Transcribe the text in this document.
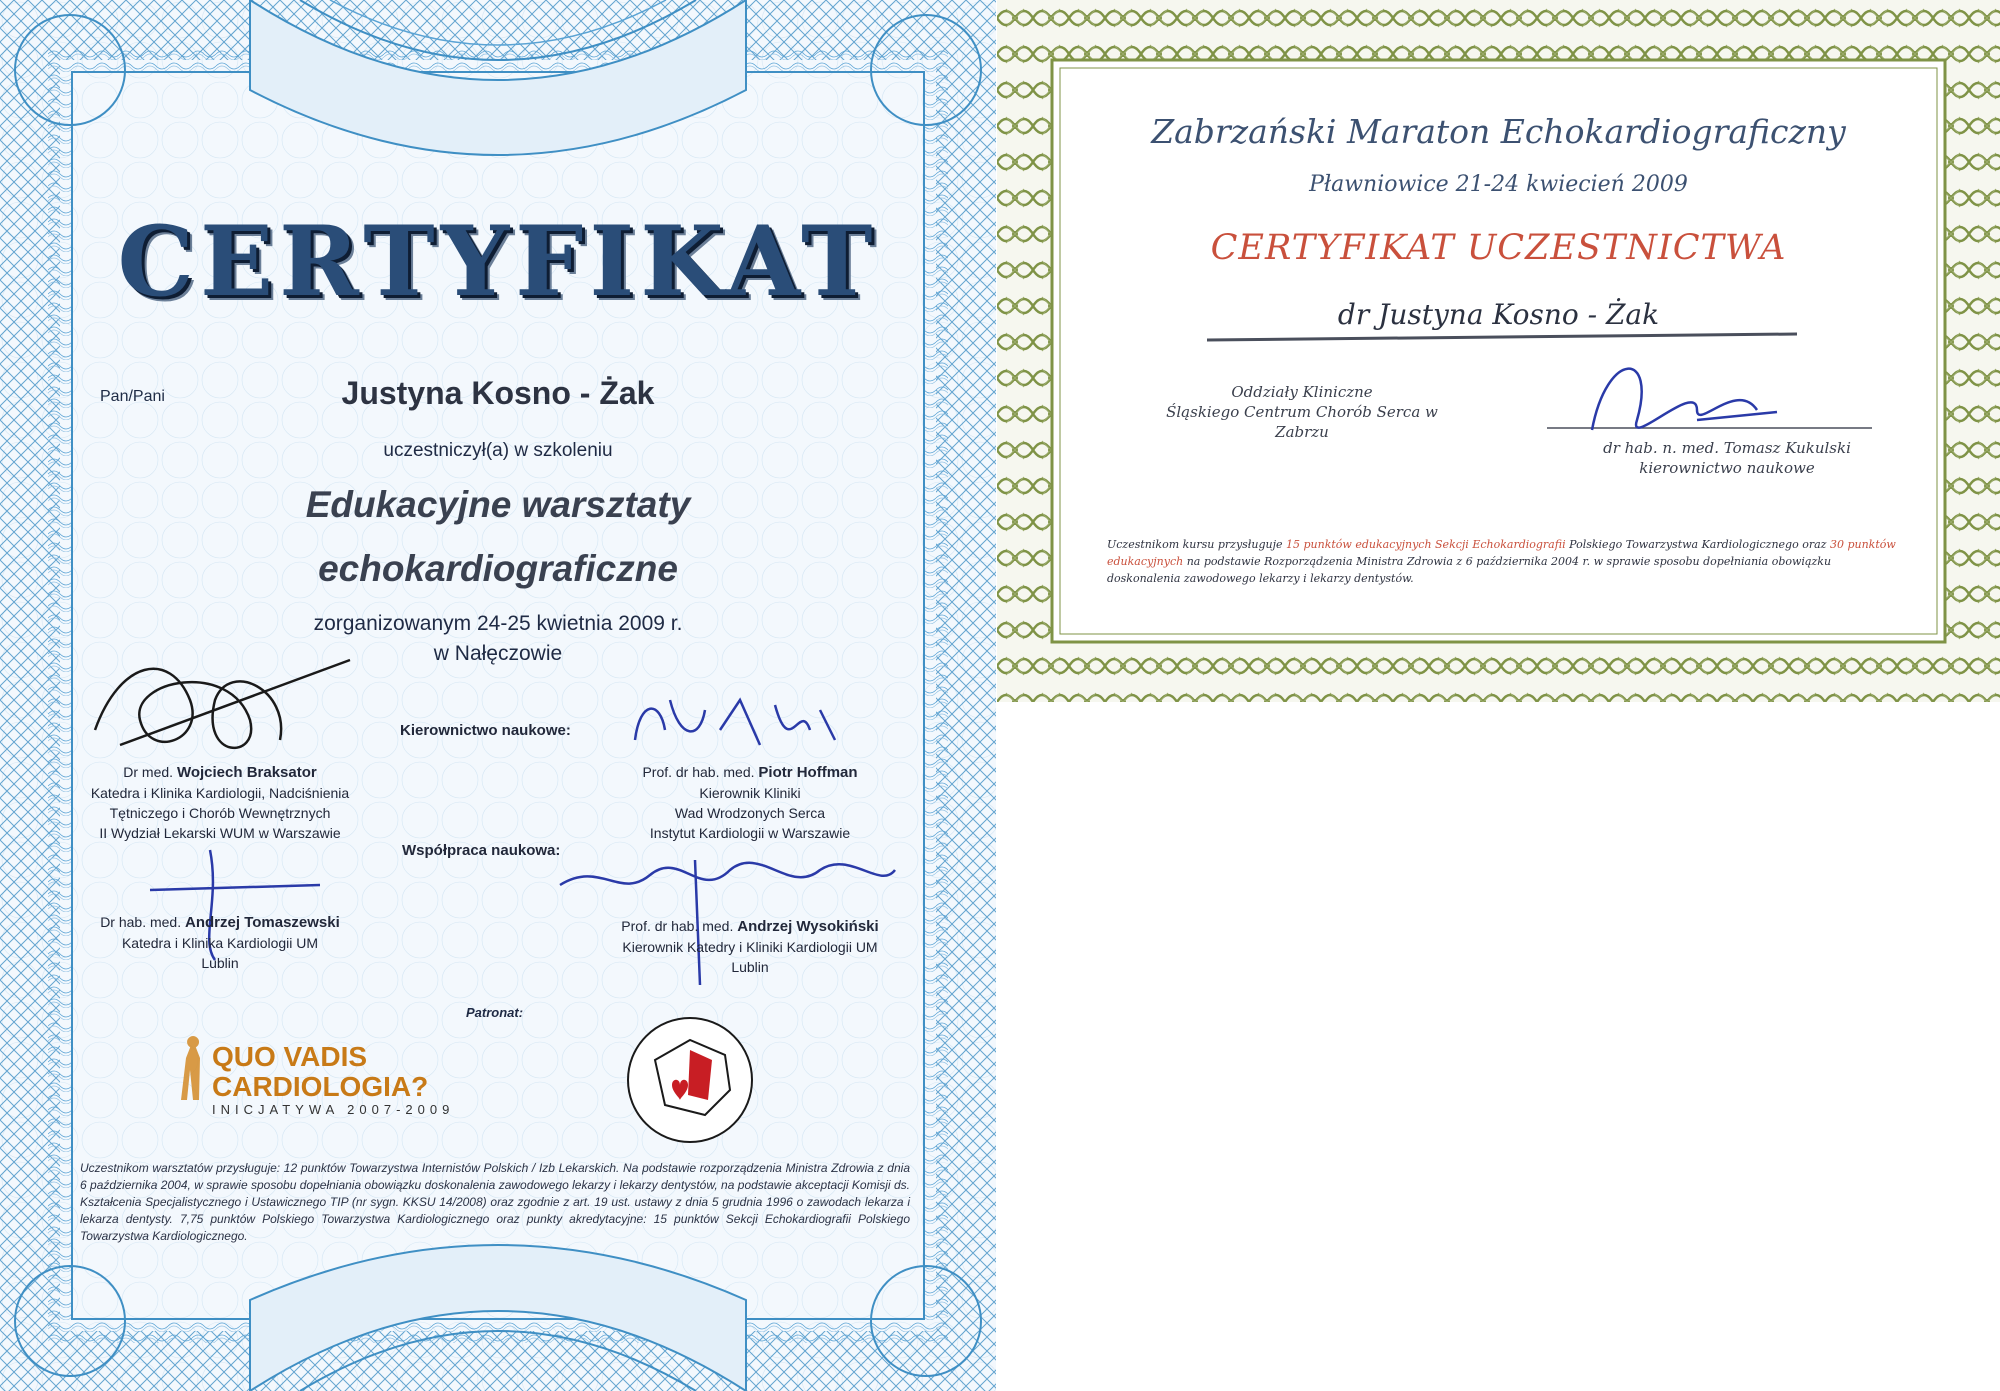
CERTYFIKAT
Pan/Pani	Justyna Kosno - Żak
uczestniczył(a) w szkoleniu
Edukacyjne warsztaty
echokardiograficzne
zorganizowanym 24-25 kwietnia 2009 r.
w Nałęczowie
Kierownictwo naukowe:
Współpraca naukowa:
Patronat:
Dr med. Wojciech Braksator
Katedra i Klinika Kardiologii, Nadciśnienia
Tętniczego i Chorób Wewnętrznych
II Wydział Lekarski WUM w Warszawie
Prof. dr hab. med. Piotr Hoffman
Kierownik Kliniki
Wad Wrodzonych Serca
Instytut Kardiologii w Warszawie
Dr hab. med. Andrzej Tomaszewski
Katedra i Klinika Kardiologii UM
Lublin
Prof. dr hab. med. Andrzej Wysokiński
Kierownik Katedry i Kliniki Kardiologii UM
Lublin
QUO VADIS
CARDIOLOGIA?
INICJATYWA 2007-2009
Uczestnikom warsztatów przysługuje: 12 punktów Towarzystwa Internistów Polskich / Izb Lekarskich. Na podstawie rozporządzenia Ministra Zdrowia z dnia 6 października 2004, w sprawie sposobu dopełniania obowiązku doskonalenia zawodowego lekarzy i lekarzy dentystów, na podstawie akceptacji Komisji ds. Kształcenia Specjalistycznego i Ustawicznego TIP (nr sygn. KKSU 14/2008) oraz zgodnie z art. 19 ust. ustawy z dnia 5 grudnia 1996 o zawodach lekarza i lekarza dentysty. 7,75 punktów Polskiego Towarzystwa Kardiologicznego oraz punkty akredytacyjne: 15 punktów Sekcji Echokardiografii Polskiego Towarzystwa Kardiologicznego.
Zabrzański Maraton Echokardiograficzny
Pławniowice 21-24 kwiecień 2009
CERTYFIKAT UCZESTNICTWA
dr Justyna Kosno - Żak
Oddziały Kliniczne
Śląskiego Centrum Chorób Serca w Zabrzu
dr hab. n. med. Tomasz Kukulski
kierownictwo naukowe
Uczestnikom kursu przysługuje 15 punktów edukacyjnych Sekcji Echokardiografii Polskiego Towarzystwa Kardiologicznego oraz 30 punktów edukacyjnych na podstawie Rozporządzenia Ministra Zdrowia z 6 października 2004 r. w sprawie sposobu dopełniania obowiązku doskonalenia zawodowego lekarzy i lekarzy dentystów.
